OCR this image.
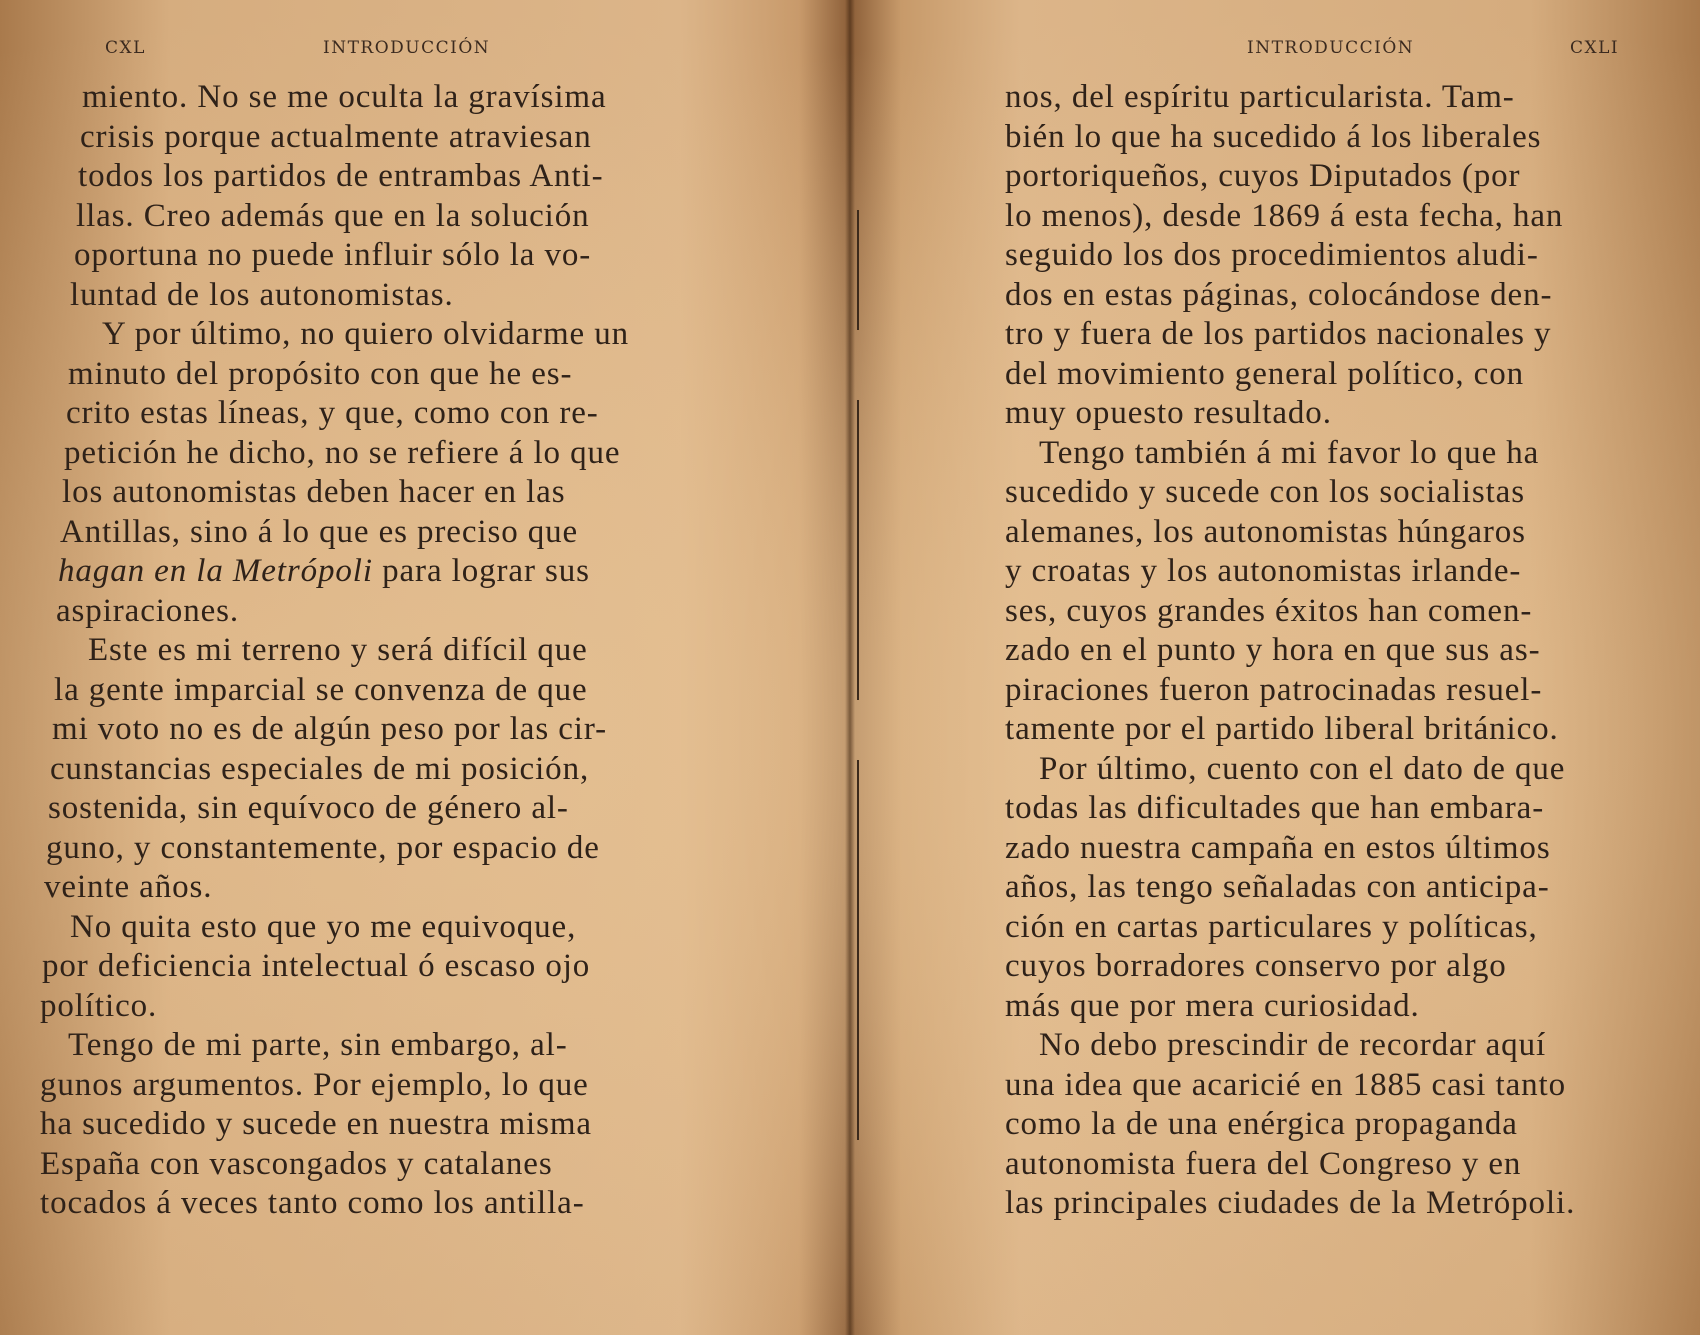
CXL	INTRODUCCIÓN
miento. No se me oculta la gravísima
crisis porque actualmente atraviesan
todos los partidos de entrambas Anti-
llas. Creo además que en la solución
oportuna no puede influir sólo la vo-
luntad de los autonomistas.
Y por último, no quiero olvidarme un
minuto del propósito con que he es-
crito estas líneas, y que, como con re-
petición he dicho, no se refiere á lo que
los autonomistas deben hacer en las
Antillas, sino á lo que es preciso que
hagan en la Metrópoli para lograr sus
aspiraciones.
Este es mi terreno y será difícil que
la gente imparcial se convenza de que
mi voto no es de algún peso por las cir-
cunstancias especiales de mi posición,
sostenida, sin equívoco de género al-
guno, y constantemente, por espacio de
veinte años.
No quita esto que yo me equivoque,
por deficiencia intelectual ó escaso ojo
político.
Tengo de mi parte, sin embargo, al-
gunos argumentos. Por ejemplo, lo que
ha sucedido y sucede en nuestra misma
España con vascongados y catalanes
tocados á veces tanto como los antilla-
INTRODUCCIÓN	CXLI
nos, del espíritu particularista. Tam-
bién lo que ha sucedido á los liberales
portoriqueños, cuyos Diputados (por
lo menos), desde 1869 á esta fecha, han
seguido los dos procedimientos aludi-
dos en estas páginas, colocándose den-
tro y fuera de los partidos nacionales y
del movimiento general político, con
muy opuesto resultado.
Tengo también á mi favor lo que ha
sucedido y sucede con los socialistas
alemanes, los autonomistas húngaros
y croatas y los autonomistas irlande-
ses, cuyos grandes éxitos han comen-
zado en el punto y hora en que sus as-
piraciones fueron patrocinadas resuel-
tamente por el partido liberal británico.
Por último, cuento con el dato de que
todas las dificultades que han embara-
zado nuestra campaña en estos últimos
años, las tengo señaladas con anticipa-
ción en cartas particulares y políticas,
cuyos borradores conservo por algo
más que por mera curiosidad.
No debo prescindir de recordar aquí
una idea que acaricié en 1885 casi tanto
como la de una enérgica propaganda
autonomista fuera del Congreso y en
las principales ciudades de la Metrópoli.
